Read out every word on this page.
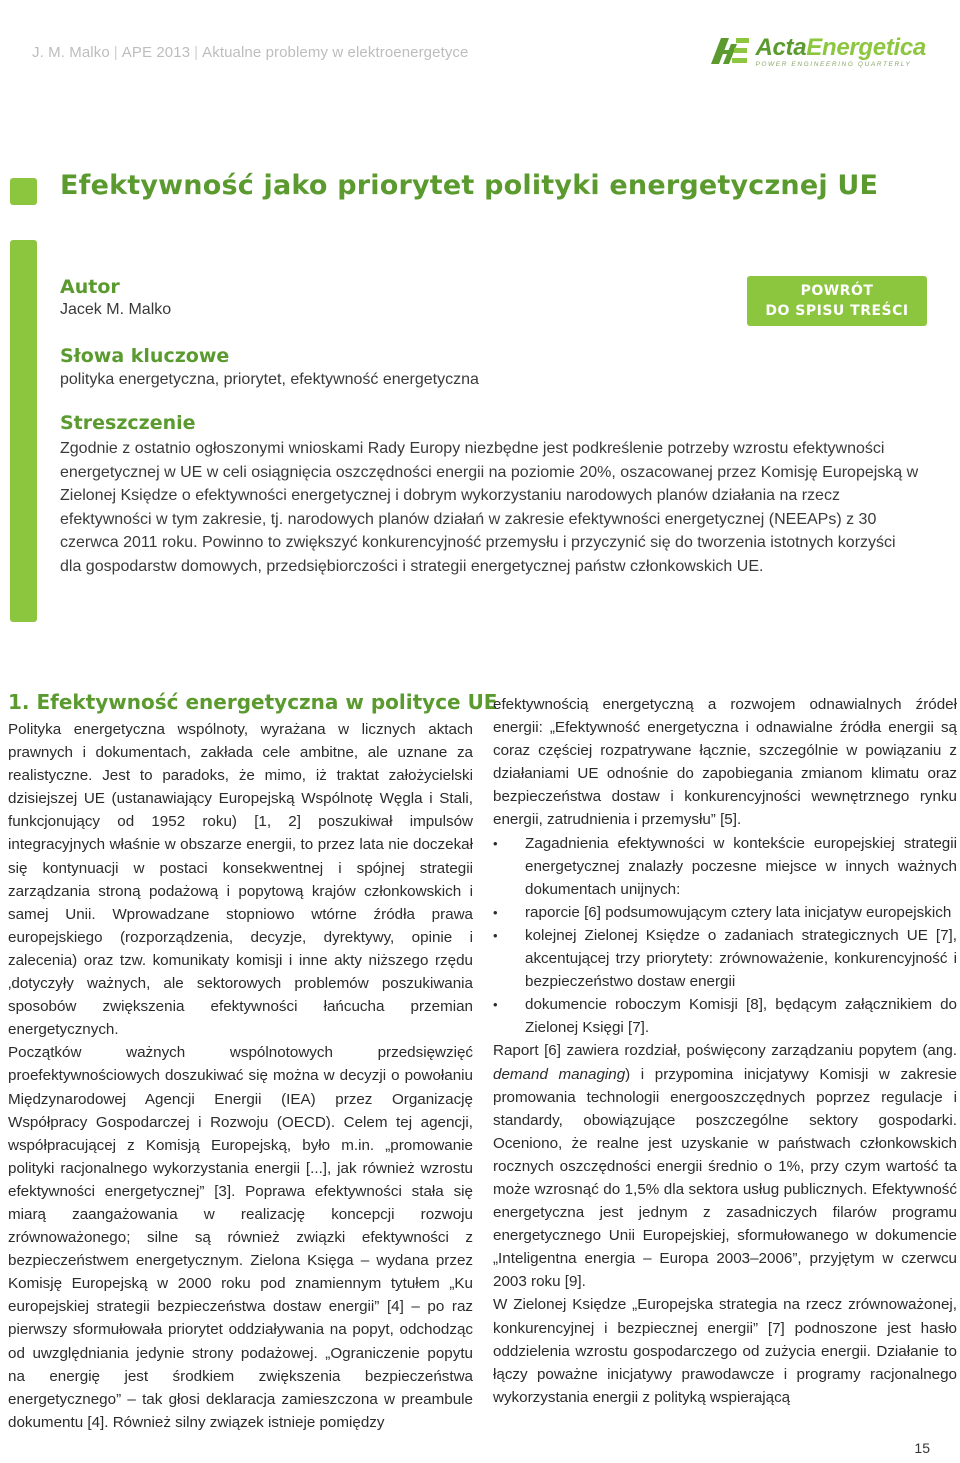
J. M. Malko | APE 2013 | Aktualne problemy w elektroenergetyce	ActaEnergetica
POWER ENGINEERING QUARTERLY
Efektywność jako priorytet polityki energetycznej UE
Autor
Jacek M. Malko
POWRÓT
DO SPISU TREŚCI
Słowa kluczowe
polityka energetyczna, priorytet, efektywność energetyczna
Streszczenie

Zgodnie z ostatnio ogłoszonymi wnioskami Rady Europy niezbędne jest podkreślenie potrzeby wzrostu efektywności energetycznej w UE w celi osiągnięcia oszczędności energii na poziomie 20%, oszacowanej przez Komisję Europejską w Zielonej Księdze o efektywności energetycznej i dobrym wykorzystaniu narodowych planów działania na rzecz efektywności w tym zakresie, tj. narodowych planów działań w zakresie efektywności energetycznej (NEEAPs) z 30 czerwca 2011 roku. Powinno to zwiększyć konkurencyjność przemysłu i przyczynić się do tworzenia istotnych korzyści dla gospodarstw domowych, przedsiębiorczości i strategii energetycznej państw członkowskich UE.

1. Efektywność energetyczna w polityce UE

Polityka energetyczna wspólnoty, wyrażana w licznych aktach prawnych i dokumentach, zakłada cele ambitne, ale uznane za realistyczne. Jest to paradoks, że mimo, iż traktat założycielski dzisiejszej UE (ustanawiający Europejską Wspólnotę Węgla i Stali, funkcjonujący od 1952 roku) [1, 2] poszukiwał impulsów integracyjnych właśnie w obszarze energii, to przez lata nie doczekał się kontynuacji w postaci konsekwentnej i spójnej strategii zarządzania stroną podażową i popytową krajów członkowskich i samej Unii. Wprowadzane stopniowo wtórne źródła prawa europejskiego (rozporządzenia, decyzje, dyrektywy, opinie i zalecenia) oraz tzw. komunikaty komisji i inne akty niższego rzędu ‚dotyczyły ważnych, ale sektorowych problemów poszukiwania sposobów zwiększenia efektywności łańcucha przemian energetycznych.

Początków ważnych wspólnotowych przedsięwzięć proefektywnościowych doszukiwać się można w decyzji o powołaniu Międzynarodowej Agencji Energii (IEA) przez Organizację Współpracy Gospodarczej i Rozwoju (OECD). Celem tej agencji, współpracującej z Komisją Europejską, było m.in. „promowanie polityki racjonalnego wykorzystania energii [...], jak również wzrostu efektywności energetycznej” [3]. Poprawa efektywności stała się miarą zaangażowania w realizację koncepcji rozwoju zrównoważonego; silne są również związki efektywności z bezpieczeństwem energetycznym. Zielona Księga – wydana przez Komisję Europejską w 2000 roku pod znamiennym tytułem „Ku europejskiej strategii bezpieczeństwa dostaw energii” [4] – po raz pierwszy sformułowała priorytet oddziaływania na popyt, odchodząc od uwzględniania jedynie strony podażowej. „Ograniczenie popytu na energię jest środkiem zwiększenia bezpieczeństwa energetycznego” – tak głosi deklaracja zamieszczona w preambule dokumentu [4]. Również silny związek istnieje pomiędzy

efektywnością energetyczną a rozwojem odnawialnych źródeł energii: „Efektywność energetyczna i odnawialne źródła energii są coraz częściej rozpatrywane łącznie, szczególnie w powiązaniu z działaniami UE odnośnie do zapobiegania zmianom klimatu oraz bezpieczeństwa dostaw i konkurencyjności wewnętrznego rynku energii, zatrudnienia i przemysłu” [5].

• Zagadnienia efektywności w kontekście europejskiej strategii energetycznej znalazły poczesne miejsce w innych ważnych dokumentach unijnych:
• raporcie [6] podsumowującym cztery lata inicjatyw europejskich
• kolejnej Zielonej Księdze o zadaniach strategicznych UE [7], akcentującej trzy priorytety: zrównoważenie, konkurencyjność i bezpieczeństwo dostaw energii
• dokumencie roboczym Komisji [8], będącym załącznikiem do Zielonej Księgi [7].

Raport [6] zawiera rozdział, poświęcony zarządzaniu popytem (ang. demand managing) i przypomina inicjatywy Komisji w zakresie promowania technologii energooszczędnych poprzez regulacje i standardy, obowiązujące poszczególne sektory gospodarki. Oceniono, że realne jest uzyskanie w państwach członkowskich rocznych oszczędności energii średnio o 1%, przy czym wartość ta może wzrosnąć do 1,5% dla sektora usług publicznych. Efektywność energetyczna jest jednym z zasadniczych filarów programu energetycznego Unii Europejskiej, sformułowanego w dokumencie „Inteligentna energia – Europa 2003–2006”, przyjętym w czerwcu 2003 roku [9].

W Zielonej Księdze „Europejska strategia na rzecz zrównoważonej, konkurencyjnej i bezpiecznej energii” [7] podnoszone jest hasło oddzielenia wzrostu gospodarczego od zużycia energii. Działanie to łączy poważne inicjatywy prawodawcze i programy racjonalnego wykorzystania energii z polityką wspierającą

15
